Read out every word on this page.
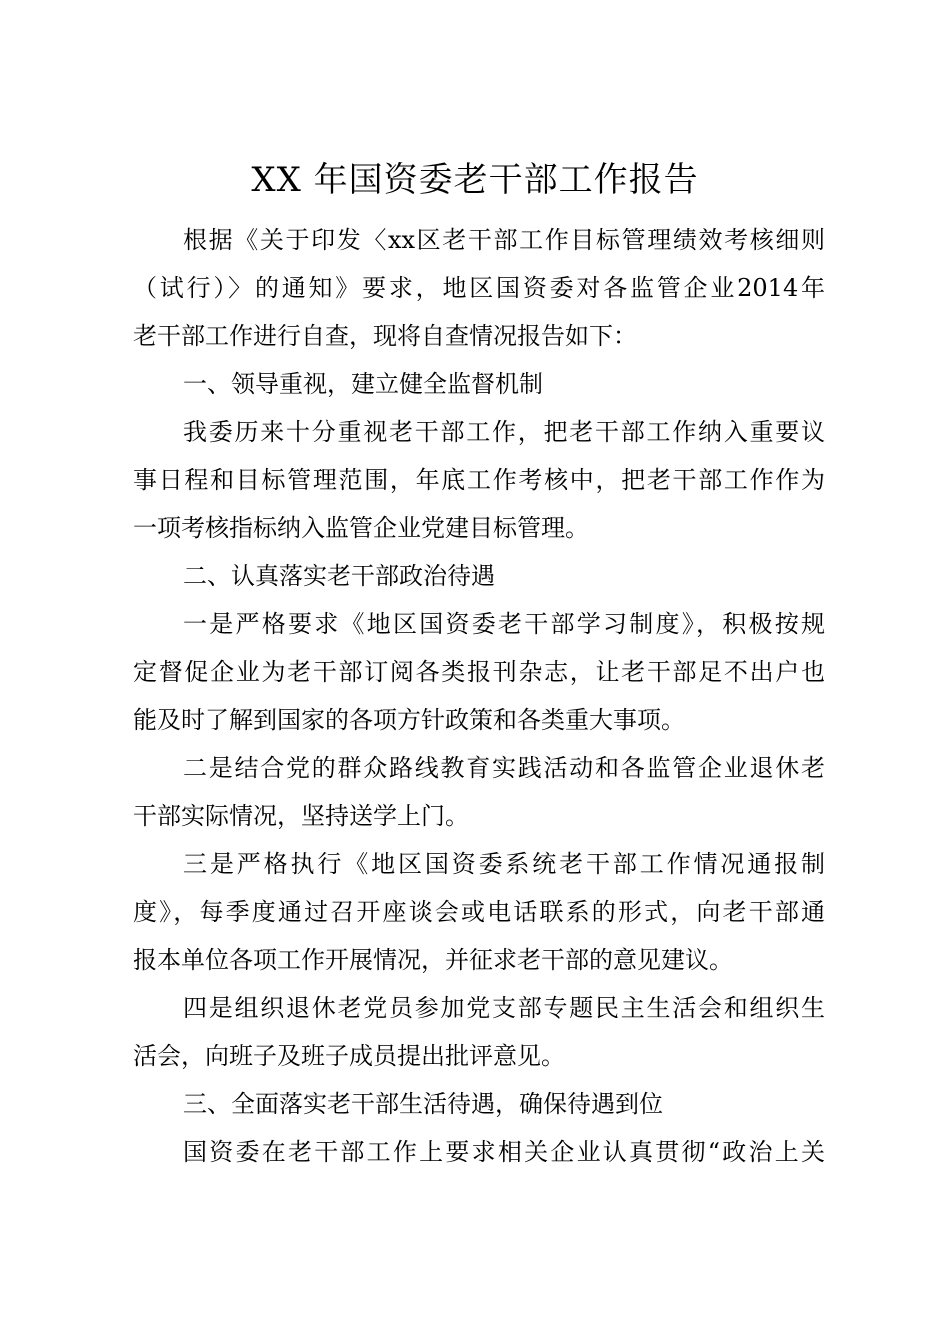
XX 年国资委老干部工作报告
根据《关于印发〈xx区老干部工作目标管理绩效考核细则
（试行）〉的通知》要求，地区国资委对各监管企业2014年
老干部工作进行自查，现将自查情况报告如下：
一、领导重视，建立健全监督机制
我委历来十分重视老干部工作，把老干部工作纳入重要议
事日程和目标管理范围，年底工作考核中，把老干部工作作为
一项考核指标纳入监管企业党建目标管理。
二、认真落实老干部政治待遇
一是严格要求《地区国资委老干部学习制度》，积极按规
定督促企业为老干部订阅各类报刊杂志，让老干部足不出户也
能及时了解到国家的各项方针政策和各类重大事项。
二是结合党的群众路线教育实践活动和各监管企业退休老
干部实际情况，坚持送学上门。
三是严格执行《地区国资委系统老干部工作情况通报制
度》，每季度通过召开座谈会或电话联系的形式，向老干部通
报本单位各项工作开展情况，并征求老干部的意见建议。
四是组织退休老党员参加党支部专题民主生活会和组织生
活会，向班子及班子成员提出批评意见。
三、全面落实老干部生活待遇，确保待遇到位
国资委在老干部工作上要求相关企业认真贯彻“政治上关
